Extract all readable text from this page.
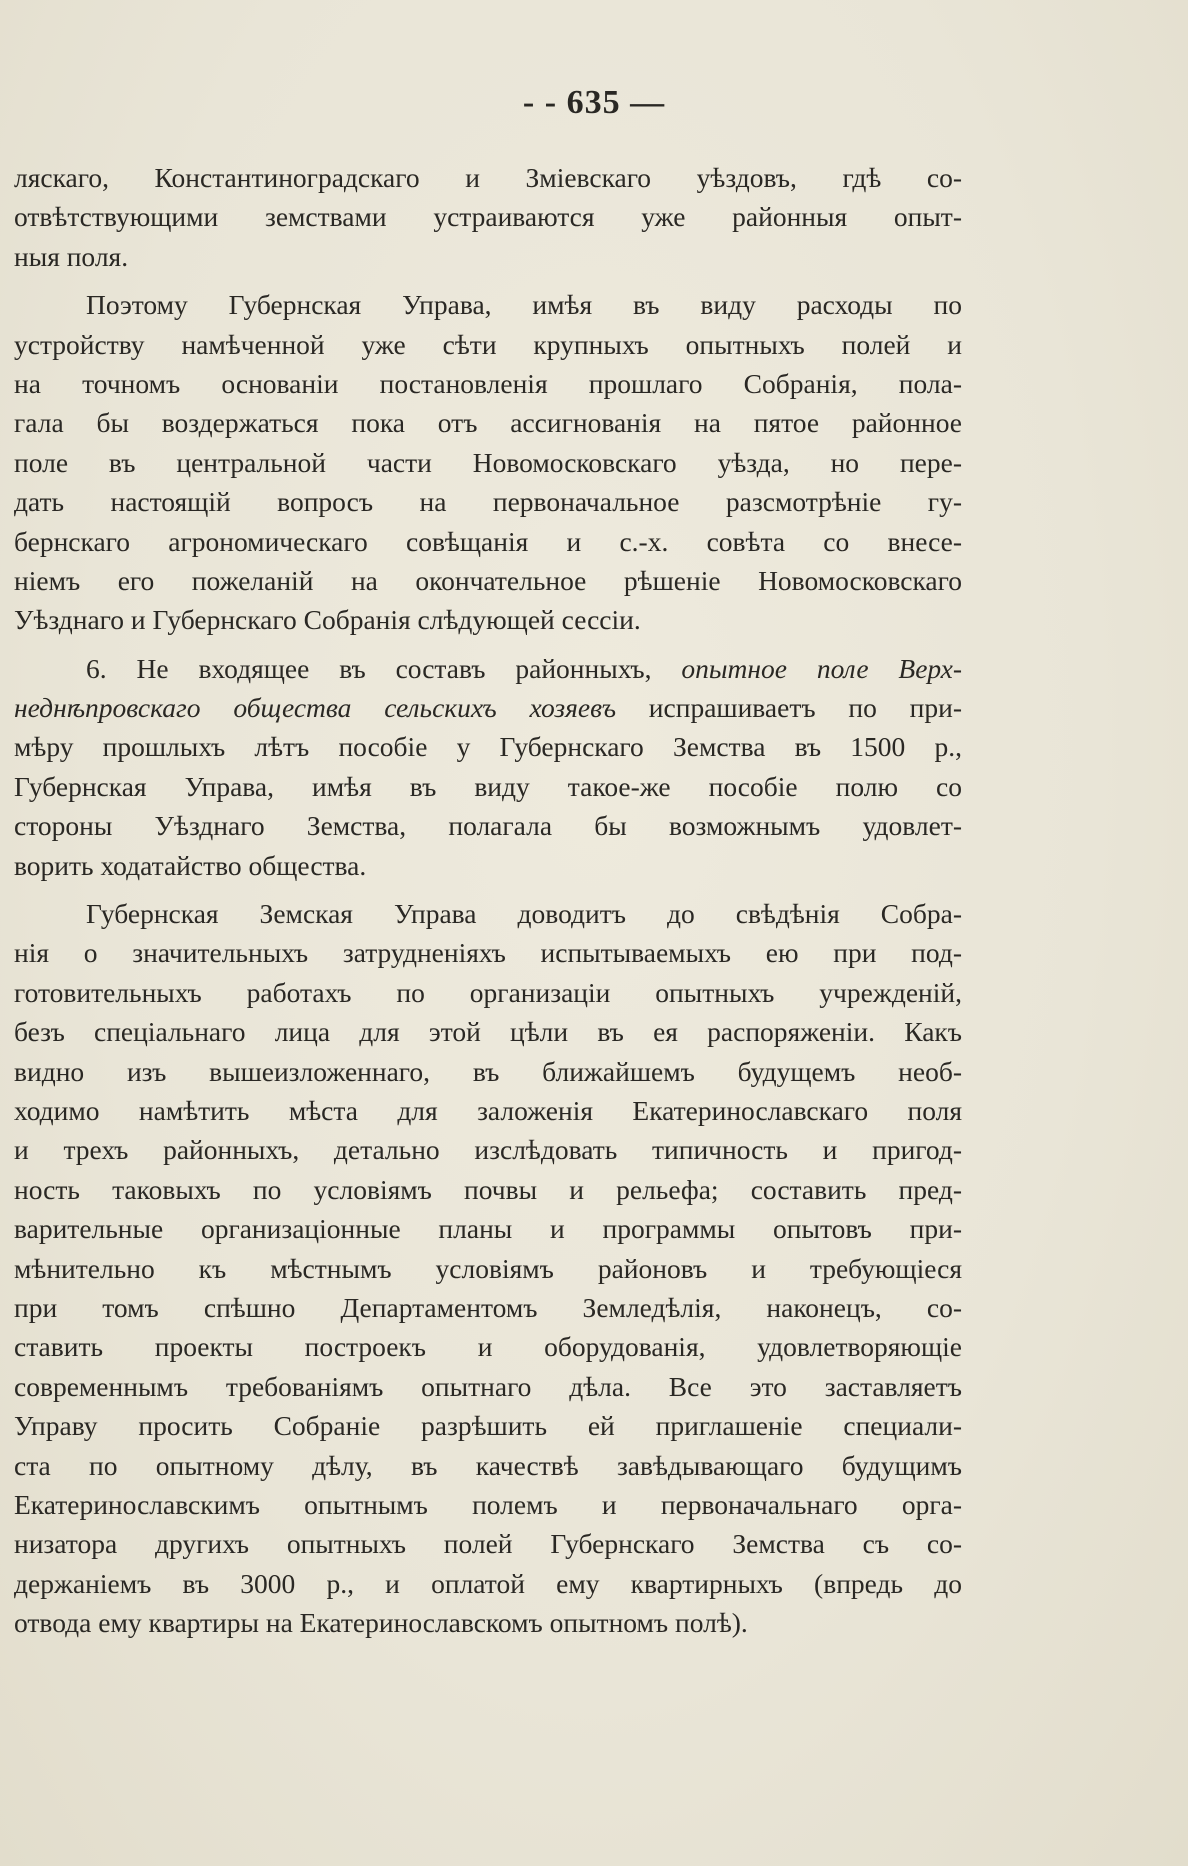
- - 635 —
ляскаго, Константиноградскаго и Зміевскаго уѣздовъ, гдѣ со-
отвѣтствующими земствами устраиваются уже районныя опыт-
ныя поля.
Поэтому Губернская Управа, имѣя въ виду расходы по
устройству намѣченной уже сѣти крупныхъ опытныхъ полей и
на точномъ основаніи постановленія прошлаго Собранія, пола-
гала бы воздержаться пока отъ ассигнованія на пятое районное
поле въ центральной части Новомосковскаго уѣзда, но пере-
дать настоящій вопросъ на первоначальное разсмотрѣніе гу-
бернскаго агрономическаго совѣщанія и с.-х. совѣта со внесе-
ніемъ его пожеланій на окончательное рѣшеніе Новомосковскаго
Уѣзднаго и Губернскаго Собранія слѣдующей сессіи.
6. Не входящее въ составъ районныхъ, опытное поле Верх-
неднѣпровскаго общества сельскихъ хозяевъ испрашиваетъ по при-
мѣру прошлыхъ лѣтъ пособіе у Губернскаго Земства въ 1500 р.,
Губернская Управа, имѣя въ виду такое-же пособіе полю со
стороны Уѣзднаго Земства, полагала бы возможнымъ удовлет-
ворить ходатайство общества.
Губернская Земская Управа доводитъ до свѣдѣнія Собра-
нія о значительныхъ затрудненіяхъ испытываемыхъ ею при под-
готовительныхъ работахъ по организаціи опытныхъ учрежденій,
безъ спеціальнаго лица для этой цѣли въ ея распоряженіи. Какъ
видно изъ вышеизложеннаго, въ ближайшемъ будущемъ необ-
ходимо намѣтить мѣста для заложенія Екатеринославскаго поля
и трехъ районныхъ, детально изслѣдовать типичность и пригод-
ность таковыхъ по условіямъ почвы и рельефа; составить пред-
варительные организаціонные планы и программы опытовъ при-
мѣнительно къ мѣстнымъ условіямъ районовъ и требующіеся
при томъ спѣшно Департаментомъ Земледѣлія, наконецъ, со-
ставить проекты построекъ и оборудованія, удовлетворяющіе
современнымъ требованіямъ опытнаго дѣла. Все это заставляетъ
Управу просить Собраніе разрѣшить ей приглашеніе специали-
ста по опытному дѣлу, въ качествѣ завѣдывающаго будущимъ
Екатеринославскимъ опытнымъ полемъ и первоначальнаго орга-
низатора другихъ опытныхъ полей Губернскаго Земства съ со-
держаніемъ въ 3000 р., и оплатой ему квартирныхъ (впредь до
отвода ему квартиры на Екатеринославскомъ опытномъ полѣ).
